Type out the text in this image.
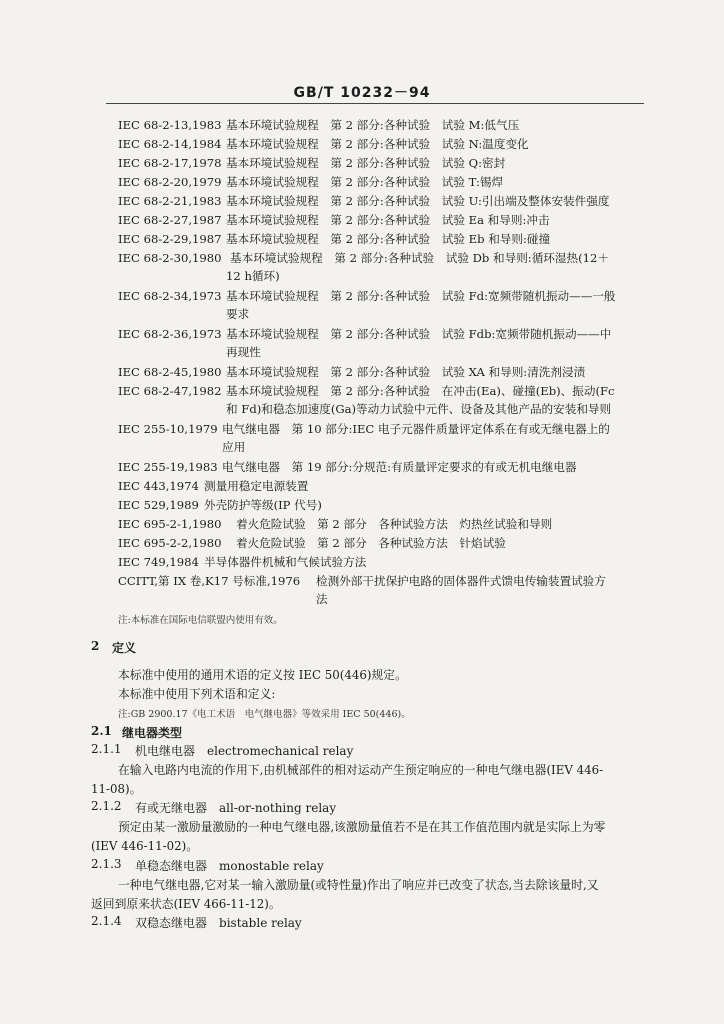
GB/T 10232－94
IEC 68-2-13,1983 基本环境试验规程　第 2 部分:各种试验　试验 M:低气压
IEC 68-2-14,1984 基本环境试验规程　第 2 部分:各种试验　试验 N:温度变化
IEC 68-2-17,1978 基本环境试验规程　第 2 部分:各种试验　试验 Q:密封
IEC 68-2-20,1979 基本环境试验规程　第 2 部分:各种试验　试验 T:锡焊
IEC 68-2-21,1983 基本环境试验规程　第 2 部分:各种试验　试验 U:引出端及整体安装件强度
IEC 68-2-27,1987 基本环境试验规程　第 2 部分:各种试验　试验 Ea 和导则:冲击
IEC 68-2-29,1987 基本环境试验规程　第 2 部分:各种试验　试验 Eb 和导则:碰撞
IEC 68-2-30,1980 基本环境试验规程　第 2 部分:各种试验　试验 Db 和导则:循环湿热(12＋
12 h循环)
IEC 68-2-34,1973 基本环境试验规程　第 2 部分:各种试验　试验 Fd:宽频带随机振动——一般
要求
IEC 68-2-36,1973 基本环境试验规程　第 2 部分:各种试验　试验 Fdb:宽频带随机振动——中
再现性
IEC 68-2-45,1980 基本环境试验规程　第 2 部分:各种试验　试验 XA 和导则:清洗剂浸渍
IEC 68-2-47,1982 基本环境试验规程　第 2 部分:各种试验　在冲击(Ea)、碰撞(Eb)、振动(Fc
和 Fd)和稳态加速度(Ga)等动力试验中元件、设备及其他产品的安装和导则
IEC 255-10,1979 电气继电器　第 10 部分:IEC 电子元器件质量评定体系在有或无继电器上的
应用
IEC 255-19,1983 电气继电器　第 19 部分:分规范:有质量评定要求的有或无机电继电器
IEC 443,1974 测量用稳定电源装置
IEC 529,1989 外壳防护等级(IP 代号)
IEC 695-2-1,1980 着火危险试验　第 2 部分　各种试验方法　灼热丝试验和导则
IEC 695-2-2,1980 着火危险试验　第 2 部分　各种试验方法　针焰试验
IEC 749,1984 半导体器件机械和气候试验方法
CCITT,第 IX 卷,K17 号标准,1976 检测外部干扰保护电路的固体器件式馈电传输装置试验方
法
注:本标准在国际电信联盟内使用有效。
2 定义
本标准中使用的通用术语的定义按 IEC 50(446)规定。
本标准中使用下列术语和定义:
注:GB 2900.17《电工术语　电气继电器》等效采用 IEC 50(446)。
2.1 继电器类型
2.1.1 机电继电器 electromechanical relay
在输入电路内电流的作用下,由机械部件的相对运动产生预定响应的一种电气继电器(IEV 446-
11-08)。
2.1.2 有或无继电器 all-or-nothing relay
预定由某一激励量激励的一种电气继电器,该激励量值若不是在其工作值范围内就是实际上为零
(IEV 446-11-02)。
2.1.3 单稳态继电器 monostable relay
一种电气继电器,它对某一输入激励量(或特性量)作出了响应并已改变了状态,当去除该量时,又
返回到原来状态(IEV 466-11-12)。
2.1.4 双稳态继电器 bistable relay
